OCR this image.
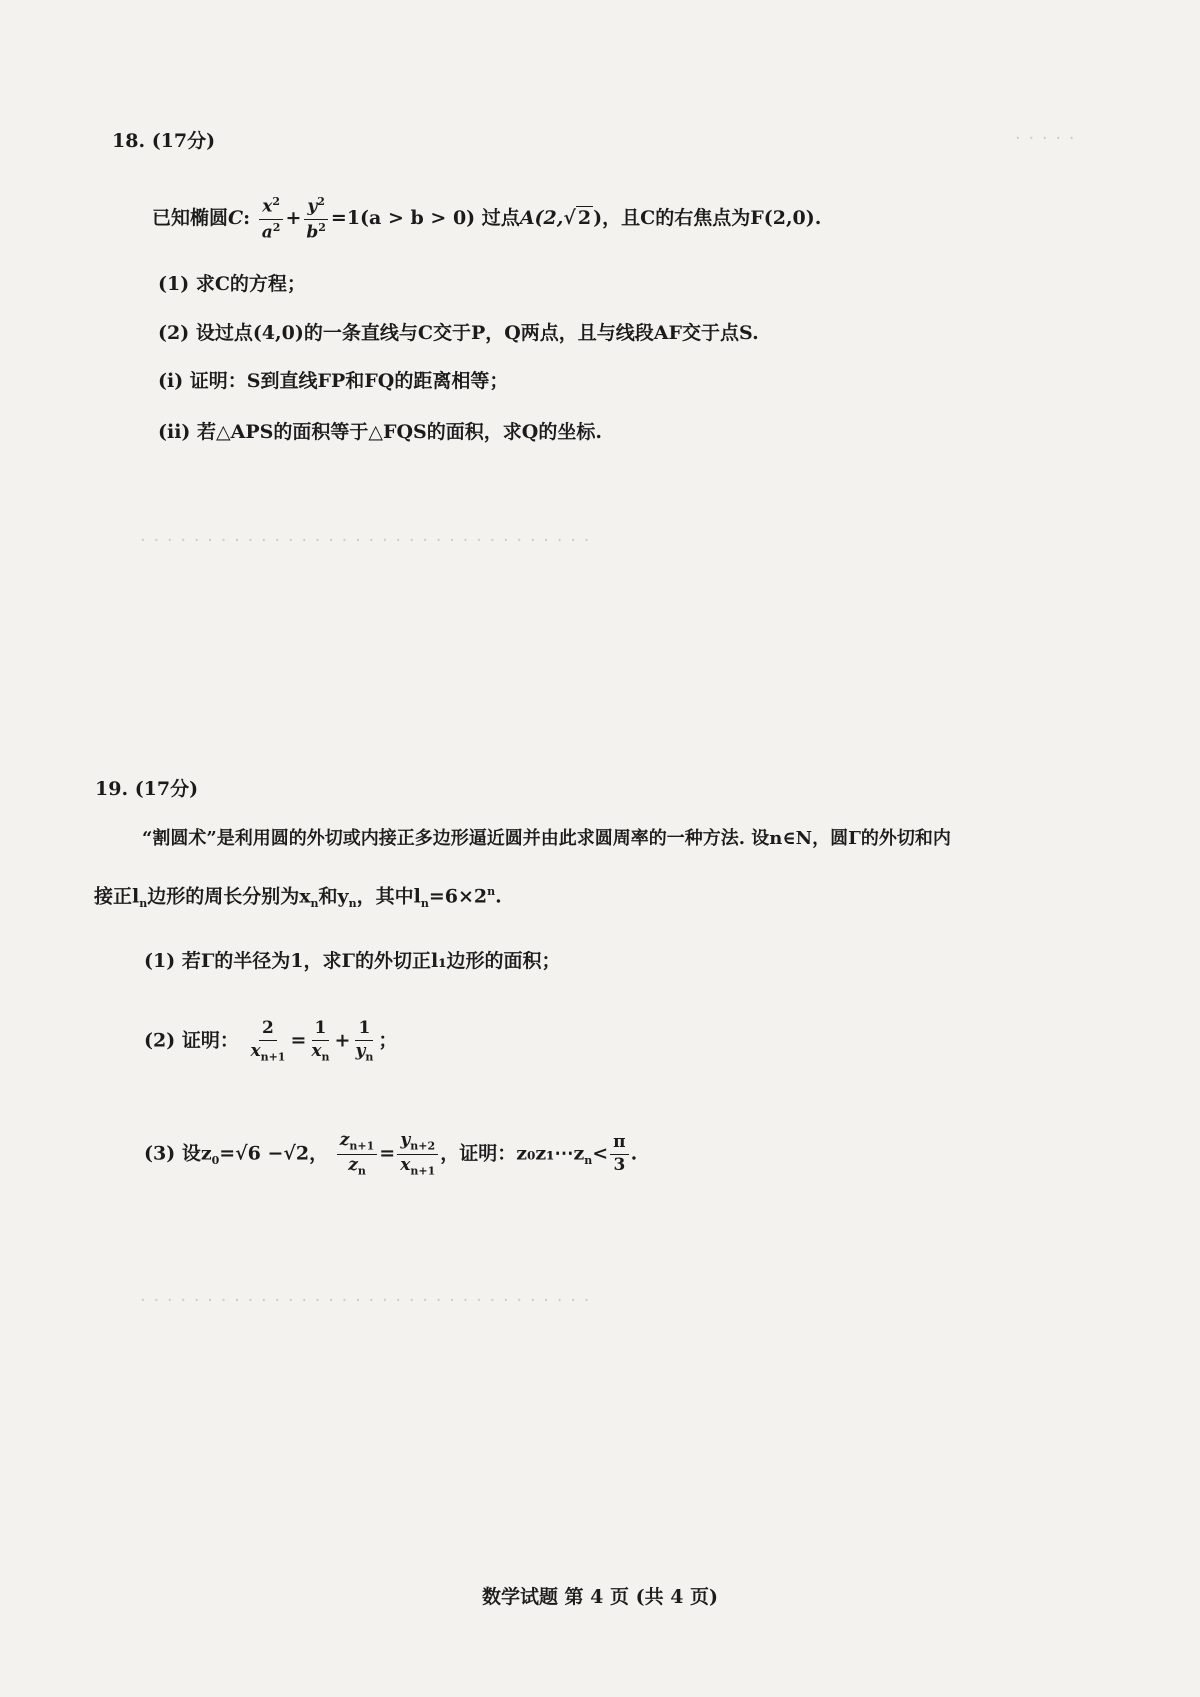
· · · · ·
· · · · · · · · · · · · · · · · · · · · · · · · · · · · · · · · · ·
· · · · · · · · · · · · · · · · · · · · · · · · · · · · · · · · · ·
18. (17分)
已知椭圆C: $\frac{x^2}{a^2} + \frac{y^2}{b^2} =1(a > b > 0)$ 过点A(2,√ 2 )，且C的右焦点为F(2,0).
(1) 求C的方程；
(2) 设过点(4,0)的一条直线与C交于P，Q两点，且与线段AF交于点S.
(i) 证明：S到直线FP和FQ的距离相等；
(ii) 若△APS的面积等于△FQS的面积，求Q的坐标.
19. (17分)
“割圆术”是利用圆的外切或内接正多边形逼近圆并由此求圆周率的一种方法. 设n∈N，圆Γ的外切和内
接正$l_n$边形的周长分别为$x_n$和$y_n$，其中$l_n=6\times 2^n$.
(1) 若Γ的半径为1，求Γ的外切正l₁边形的面积；
(2) 证明： $\frac{2}{x_{n+1}} = \frac{1}{x_n} + \frac{1}{y_n}$ ；
(3) 设$z_0=√6 -√2$， $\frac{z_{n+1}}{z_n} = \frac{y_{n+2}}{x_{n+1}}$ ，证明：$z_0z_1\cdots z_n< \frac{\pi}{3}$ .
数学试题 第 4 页 (共 4 页)
